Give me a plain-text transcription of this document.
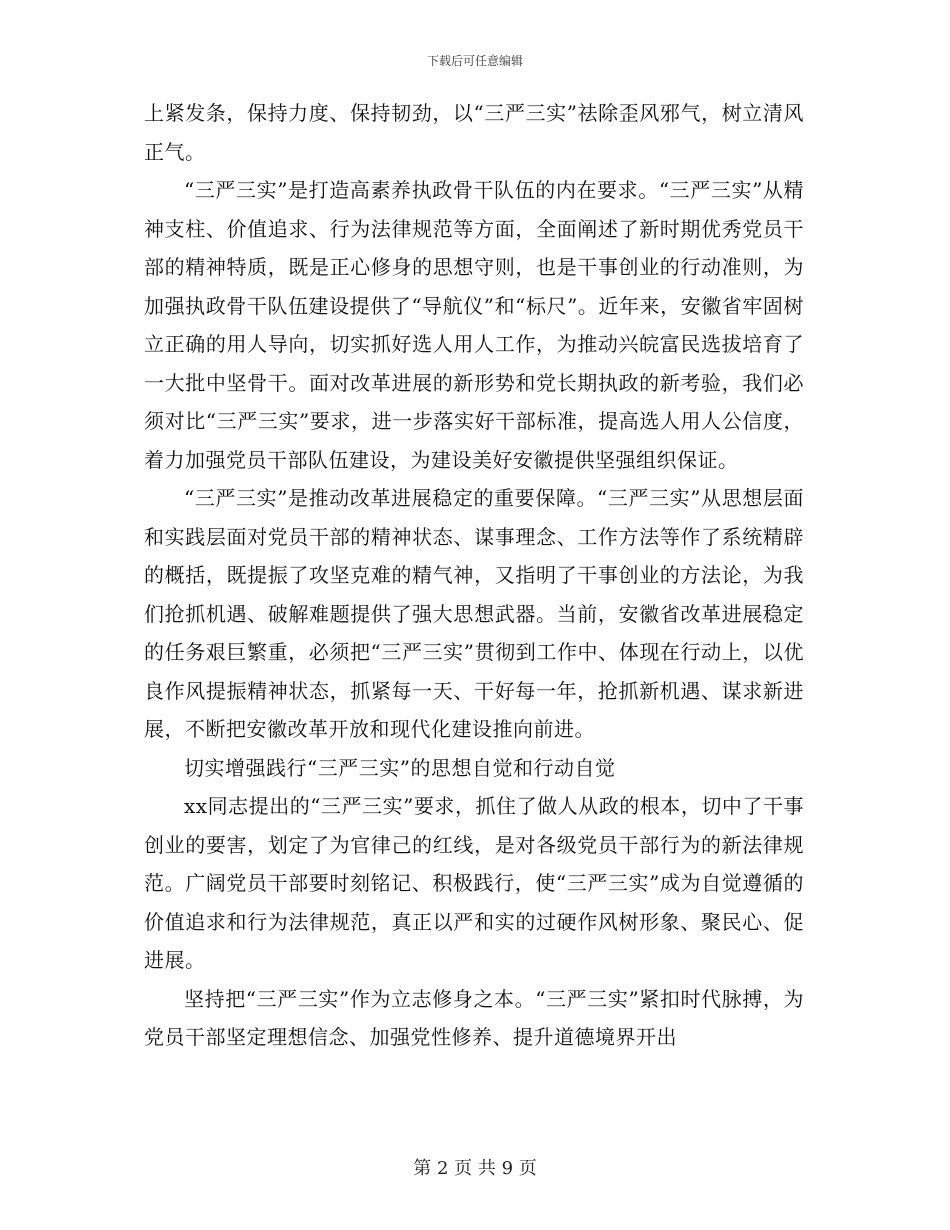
下载后可任意编辑

上紧发条，保持力度、保持韧劲，以“三严三实”祛除歪风邪气，树立清风正气。

“三严三实”是打造高素养执政骨干队伍的内在要求。“三严三实”从精神支柱、价值追求、行为法律规范等方面，全面阐述了新时期优秀党员干部的精神特质，既是正心修身的思想守则，也是干事创业的行动准则，为加强执政骨干队伍建设提供了“导航仪”和“标尺”。近年来，安徽省牢固树立正确的用人导向，切实抓好选人用人工作，为推动兴皖富民选拔培育了一大批中坚骨干。面对改革进展的新形势和党长期执政的新考验，我们必须对比“三严三实”要求，进一步落实好干部标准，提高选人用人公信度，着力加强党员干部队伍建设，为建设美好安徽提供坚强组织保证。

“三严三实”是推动改革进展稳定的重要保障。“三严三实”从思想层面和实践层面对党员干部的精神状态、谋事理念、工作方法等作了系统精辟的概括，既提振了攻坚克难的精气神，又指明了干事创业的方法论，为我们抢抓机遇、破解难题提供了强大思想武器。当前，安徽省改革进展稳定的任务艰巨繁重，必须把“三严三实”贯彻到工作中、体现在行动上，以优良作风提振精神状态，抓紧每一天、干好每一年，抢抓新机遇、谋求新进展，不断把安徽改革开放和现代化建设推向前进。

切实增强践行“三严三实”的思想自觉和行动自觉

xx同志提出的“三严三实”要求，抓住了做人从政的根本，切中了干事创业的要害，划定了为官律己的红线，是对各级党员干部行为的新法律规范。广阔党员干部要时刻铭记、积极践行，使“三严三实”成为自觉遵循的价值追求和行为法律规范，真正以严和实的过硬作风树形象、聚民心、促进展。

坚持把“三严三实”作为立志修身之本。“三严三实”紧扣时代脉搏，为党员干部坚定理想信念、加强党性修养、提升道德境界开出

第 2 页 共 9 页
